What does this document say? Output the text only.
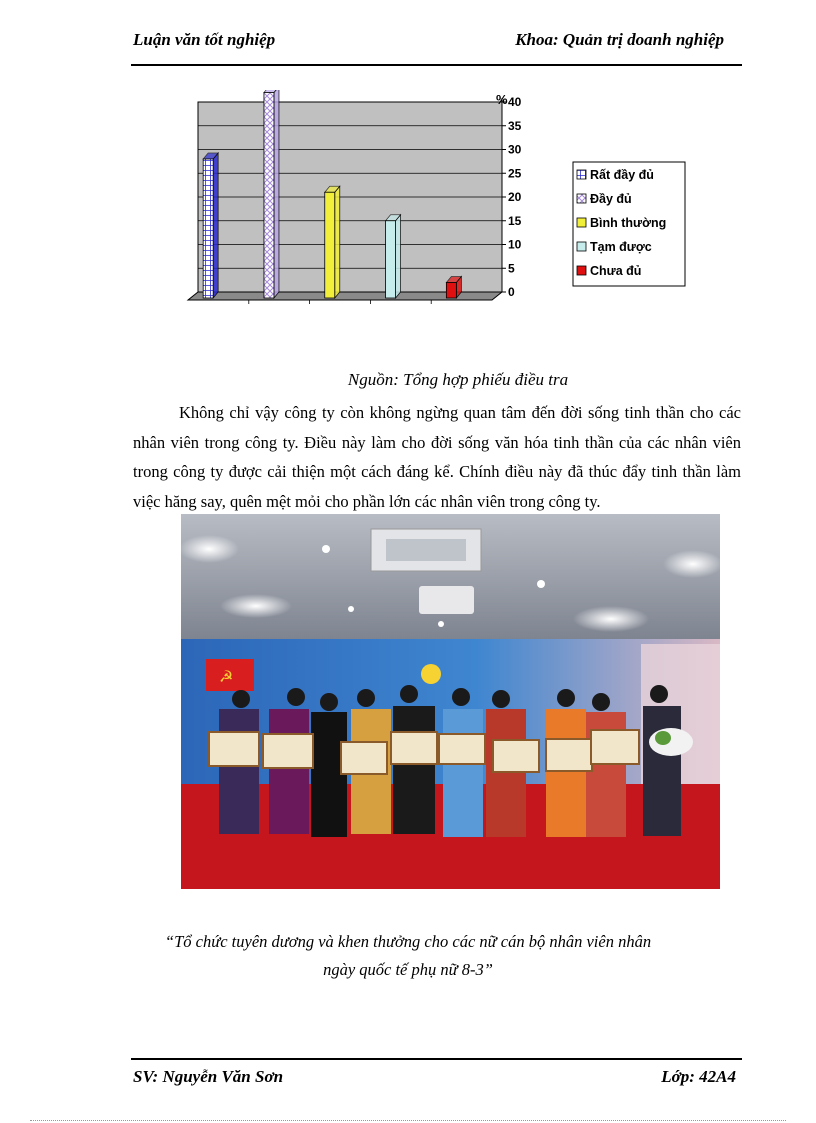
Luận văn tốt nghiệp	Khoa: Quản trị doanh nghiệp
0
5
10
15
20
25
30
35
40
%
Rất đầy đủ
Đầy đủ
Bình thường
Tạm được
Chưa đủ
Nguồn: Tổng hợp phiếu điều tra

Không chỉ vậy công ty còn không ngừng quan tâm đến đời sống tinh thần cho các nhân viên trong công ty. Điều này làm cho đời sống văn hóa tinh thần của các nhân viên trong công ty được cải thiện một cách đáng kể. Chính điều này đã thúc đẩy tinh thần làm việc hăng say, quên mệt mỏi cho phần lớn các nhân viên trong công ty.

☭
“Tổ chức tuyên dương và khen thưởng cho các nữ cán bộ nhân viên nhân
ngày quốc tế phụ nữ 8-3”
SV: Nguyễn Văn Sơn	Lớp: 42A4
